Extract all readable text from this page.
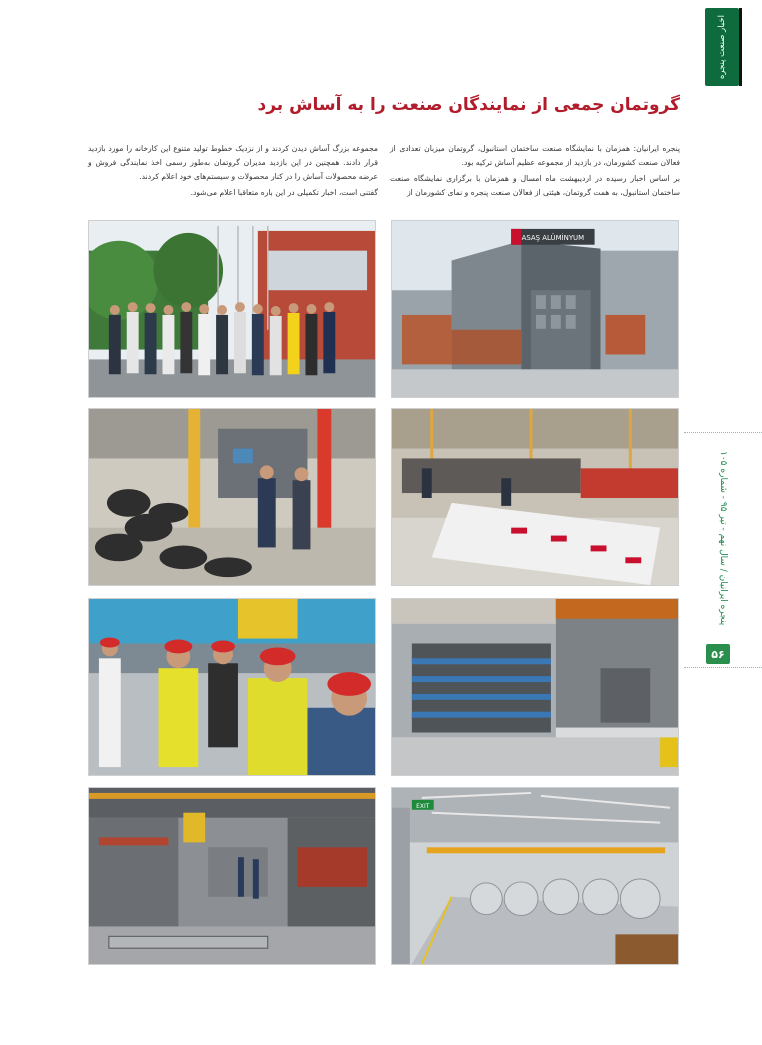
اخبار صنعت پنجره
گروتمان جمعی از نمایندگان صنعت را به آساش برد

پنجره ایرانیان: همزمان با نمایشگاه صنعت ساختمان استانبول، گروتمان میزبان تعدادی از فعالان صنعت کشورمان، در بازدید از مجموعه عظیم آساش ترکیه بود.

بر اساس اخبار رسیده در اردیبهشت ماه امسال و همزمان با برگزاری نمایشگاه صنعت ساختمان استانبول، به همت گروتمان، هیئتی از فعالان صنعت پنجره و نمای کشورمان از

مجموعه بزرگ آساش دیدن کردند و از نزدیک خطوط تولید متنوع این کارخانه را مورد بازدید قرار دادند. همچنین در این بازدید مدیران گروتمان به‌طور رسمی اخذ نمایندگی فروش و عرضه محصولات آساش را در کنار محصولات و سیستم‌های خود اعلام کردند.

گفتنی است، اخبار تکمیلی در این باره متعاقبا اعلام می‌شود.

ASAŞ ALÜMİNYUM
EXIT
پنجره ایرانیان / سال نهم - تیر ۹۵ - شماره ۱۰۵
۵۶
